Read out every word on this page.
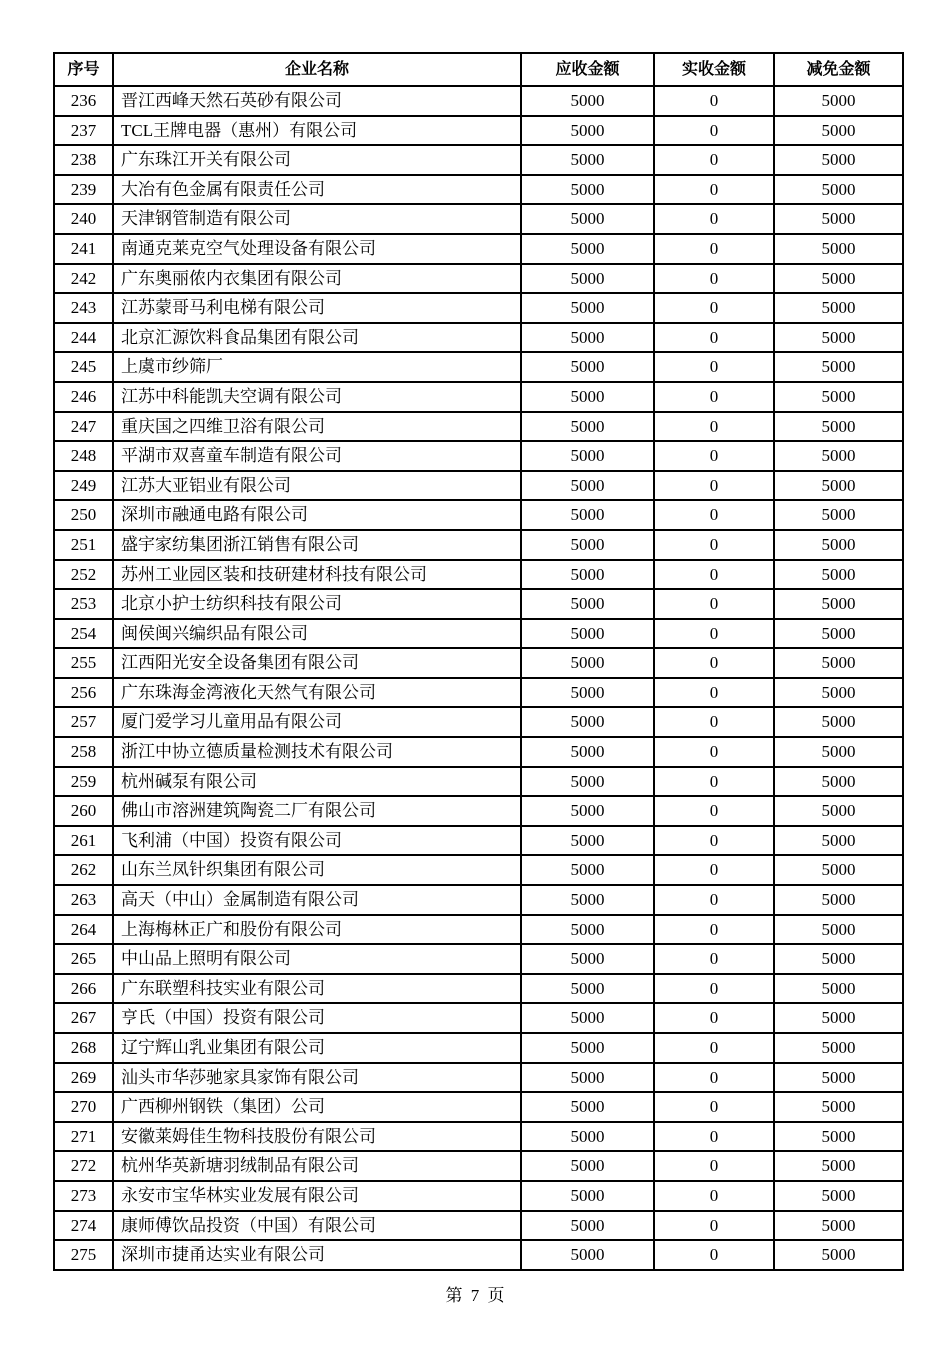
序号	企业名称	应收金额	实收金额	减免金额
236	晋江西峰天然石英砂有限公司	5000	0	5000
237	TCL王牌电器（惠州）有限公司	5000	0	5000
238	广东珠江开关有限公司	5000	0	5000
239	大冶有色金属有限责任公司	5000	0	5000
240	天津钢管制造有限公司	5000	0	5000
241	南通克莱克空气处理设备有限公司	5000	0	5000
242	广东奥丽侬内衣集团有限公司	5000	0	5000
243	江苏蒙哥马利电梯有限公司	5000	0	5000
244	北京汇源饮料食品集团有限公司	5000	0	5000
245	上虞市纱筛厂	5000	0	5000
246	江苏中科能凯夫空调有限公司	5000	0	5000
247	重庆国之四维卫浴有限公司	5000	0	5000
248	平湖市双喜童车制造有限公司	5000	0	5000
249	江苏大亚铝业有限公司	5000	0	5000
250	深圳市融通电路有限公司	5000	0	5000
251	盛宇家纺集团浙江销售有限公司	5000	0	5000
252	苏州工业园区装和技研建材科技有限公司	5000	0	5000
253	北京小护士纺织科技有限公司	5000	0	5000
254	闽侯闽兴编织品有限公司	5000	0	5000
255	江西阳光安全设备集团有限公司	5000	0	5000
256	广东珠海金湾液化天然气有限公司	5000	0	5000
257	厦门爱学习儿童用品有限公司	5000	0	5000
258	浙江中协立德质量检测技术有限公司	5000	0	5000
259	杭州碱泵有限公司	5000	0	5000
260	佛山市溶洲建筑陶瓷二厂有限公司	5000	0	5000
261	飞利浦（中国）投资有限公司	5000	0	5000
262	山东兰凤针织集团有限公司	5000	0	5000
263	高天（中山）金属制造有限公司	5000	0	5000
264	上海梅林正广和股份有限公司	5000	0	5000
265	中山品上照明有限公司	5000	0	5000
266	广东联塑科技实业有限公司	5000	0	5000
267	亨氏（中国）投资有限公司	5000	0	5000
268	辽宁辉山乳业集团有限公司	5000	0	5000
269	汕头市华莎驰家具家饰有限公司	5000	0	5000
270	广西柳州钢铁（集团）公司	5000	0	5000
271	安徽莱姆佳生物科技股份有限公司	5000	0	5000
272	杭州华英新塘羽绒制品有限公司	5000	0	5000
273	永安市宝华林实业发展有限公司	5000	0	5000
274	康师傅饮品投资（中国）有限公司	5000	0	5000
275	深圳市捷甬达实业有限公司	5000	0	5000
第 7 页
